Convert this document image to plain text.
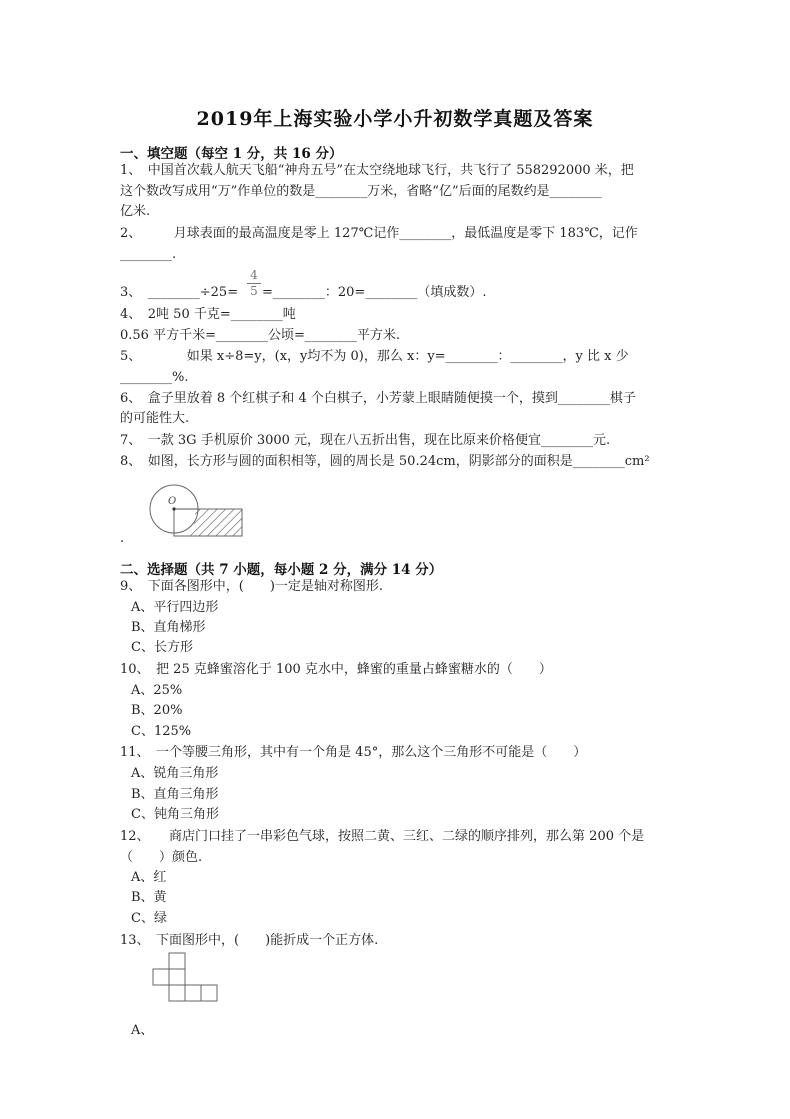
2019年上海实验小学小升初数学真题及答案
一、填空题（每空 1 分，共 16 分）
1、　中国首次载人航天飞船“神舟五号”在太空绕地球飞行，共飞行了 558292000 米，把
这个数改写成用“万”作单位的数是________万米，省略“亿”后面的尾数约是________
亿米.
2、　　　月球表面的最高温度是零上 127℃记作________，最低温度是零下 183℃，记作
________.
3、　________÷25=
4
5 =________：20=________（填成数）.
4、　2吨 50 千克=________吨
0.56 平方千米=________公顷=________平方米.
5、　　　　如果 x÷8=y，(x，y均不为 0)，那么 x：y=________：________，y 比 x 少
________%.
6、　盒子里放着 8 个红棋子和 4 个白棋子，小芳蒙上眼睛随便摸一个，摸到________棋子
的可能性大.
7、　一款 3G 手机原价 3000 元，现在八五折出售，现在比原来价格便宜________元.
8、　如图，长方形与圆的面积相等，圆的周长是 50.24cm，阴影部分的面积是________cm²
O
.
二、选择题（共 7 小题，每小题 2 分，满分 14 分）
9、　下面各图形中，(　　)一定是轴对称图形.
A、平行四边形
B、直角梯形
C、长方形
10、　把 25 克蜂蜜溶化于 100 克水中，蜂蜜的重量占蜂蜜糖水的（　　）
A、25%
B、20%
C、125%
11、　一个等腰三角形，其中有一个角是 45°，那么这个三角形不可能是（　　）
A、锐角三角形
B、直角三角形
C、钝角三角形
12、　　商店门口挂了一串彩色气球，按照二黄、三红、二绿的顺序排列，那么第 200 个是
（　　）颜色.
A、红
B、黄
C、绿
13、　下面图形中，(　　)能折成一个正方体.
A、
